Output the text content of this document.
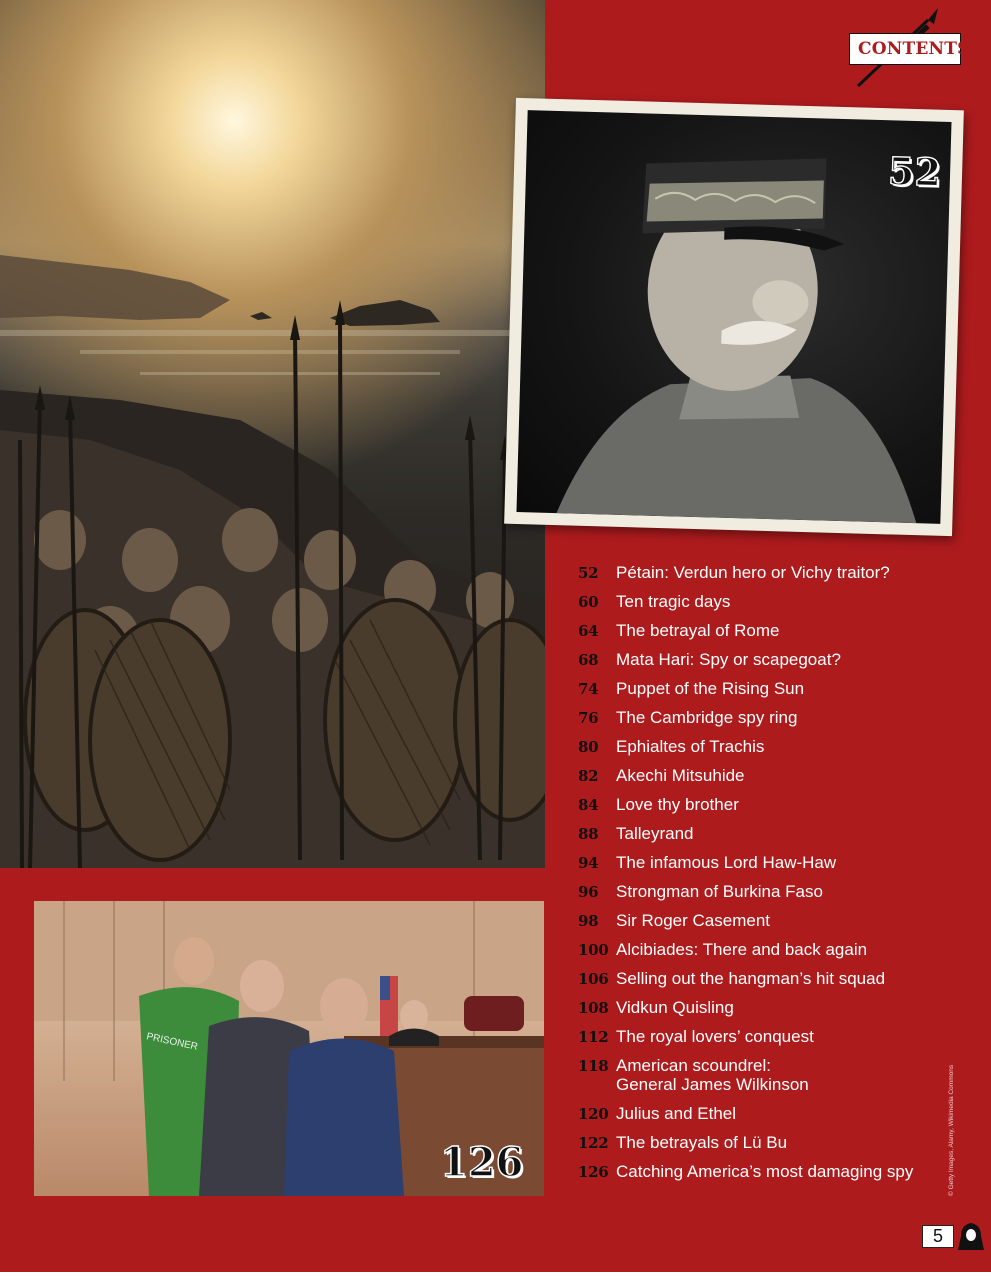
PRISONER
126
52
CONTENTS
52	Pétain: Verdun hero or Vichy traitor?
60	Ten tragic days
64	The betrayal of Rome
68	Mata Hari: Spy or scapegoat?
74	Puppet of the Rising Sun
76	The Cambridge spy ring
80	Ephialtes of Trachis
82	Akechi Mitsuhide
84	Love thy brother
88	Talleyrand
94	The infamous Lord Haw-Haw
96	Strongman of Burkina Faso
98	Sir Roger Casement
100 Alcibiades: There and back again
106 Selling out the hangman’s hit squad
108 Vidkun Quisling
112 The royal lovers’ conquest
118 American scoundrel:
General James Wilkinson
120 Julius and Ethel
122 The betrayals of Lü Bu
126 Catching America’s most damaging spy	© Getty Images, Alamy, Wikimedia Commons
5
